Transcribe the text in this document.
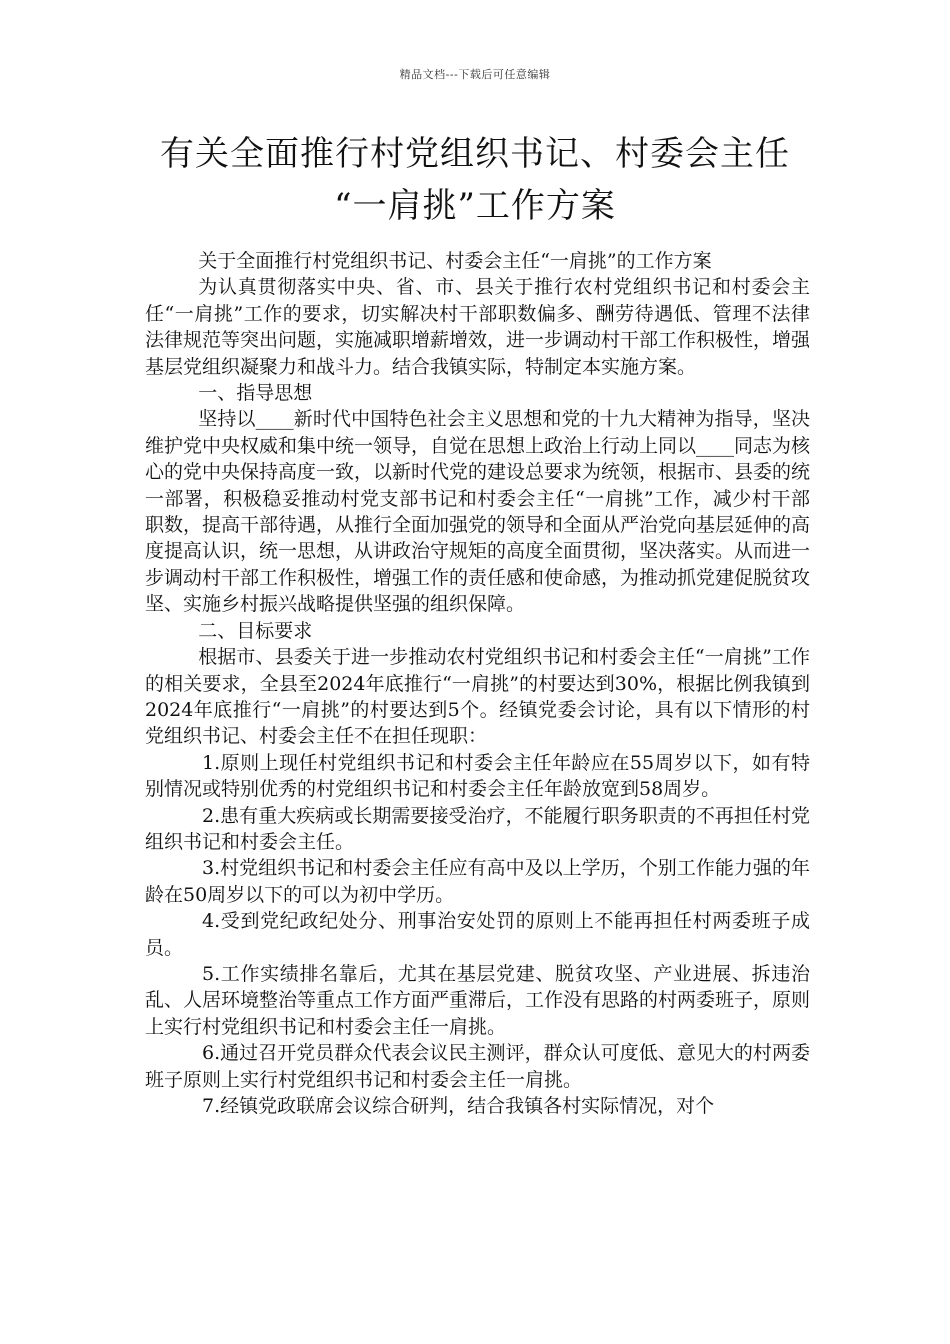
精品文档---下载后可任意编辑
有关全面推行村党组织书记、村委会主任
“一肩挑”工作方案

关于全面推行村党组织书记、村委会主任“一肩挑”的工作方案

为认真贯彻落实中央、省、市、县关于推行农村党组织书记和村委会主任“一肩挑”工作的要求，切实解决村干部职数偏多、酬劳待遇低、管理不法律法律规范等突出问题，实施减职增薪增效，进一步调动村干部工作积极性，增强基层党组织凝聚力和战斗力。结合我镇实际，特制定本实施方案。

一、指导思想

坚持以____新时代中国特色社会主义思想和党的十九大精神为指导，坚决维护党中央权威和集中统一领导，自觉在思想上政治上行动上同以____同志为核心的党中央保持高度一致，以新时代党的建设总要求为统领，根据市、县委的统一部署，积极稳妥推动村党支部书记和村委会主任“一肩挑”工作，减少村干部职数，提高干部待遇，从推行全面加强党的领导和全面从严治党向基层延伸的高度提高认识，统一思想，从讲政治守规矩的高度全面贯彻，坚决落实。从而进一步调动村干部工作积极性，增强工作的责任感和使命感，为推动抓党建促脱贫攻坚、实施乡村振兴战略提供坚强的组织保障。

二、目标要求

根据市、县委关于进一步推动农村党组织书记和村委会主任“一肩挑”工作的相关要求，全县至2024年底推行“一肩挑”的村要达到30%，根据比例我镇到2024年底推行“一肩挑”的村要达到5个。经镇党委会讨论，具有以下情形的村党组织书记、村委会主任不在担任现职：

1.原则上现任村党组织书记和村委会主任年龄应在55周岁以下，如有特别情况或特别优秀的村党组织书记和村委会主任年龄放宽到58周岁。

2.患有重大疾病或长期需要接受治疗，不能履行职务职责的不再担任村党组织书记和村委会主任。

3.村党组织书记和村委会主任应有高中及以上学历，个别工作能力强的年龄在50周岁以下的可以为初中学历。

4.受到党纪政纪处分、刑事治安处罚的原则上不能再担任村两委班子成员。

5.工作实绩排名靠后，尤其在基层党建、脱贫攻坚、产业进展、拆违治乱、人居环境整治等重点工作方面严重滞后，工作没有思路的村两委班子，原则上实行村党组织书记和村委会主任一肩挑。

6.通过召开党员群众代表会议民主测评，群众认可度低、意见大的村两委班子原则上实行村党组织书记和村委会主任一肩挑。

7.经镇党政联席会议综合研判，结合我镇各村实际情况，对个
